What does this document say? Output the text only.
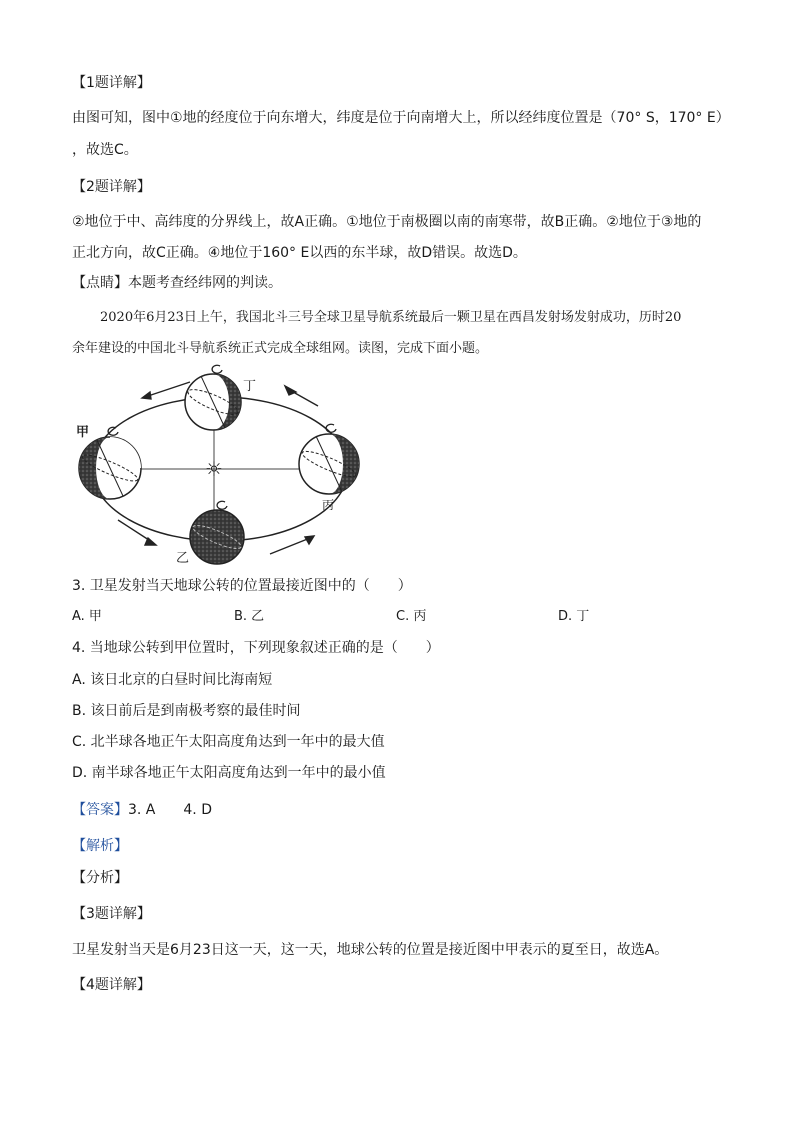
【1题详解】
由图可知，图中①地的经度位于向东增大，纬度是位于向南增大上，所以经纬度位置是（70° S，170° E）
，故选C。
【2题详解】
②地位于中、高纬度的分界线上，故A正确。①地位于南极圈以南的南寒带，故B正确。②地位于③地的
正北方向，故C正确。④地位于160° E以西的东半球，故D错误。故选D。
【点睛】本题考查经纬网的判读。
2020年6月23日上午，我国北斗三号全球卫星导航系统最后一颗卫星在西昌发射场发射成功，历时20
余年建设的中国北斗导航系统正式完成全球组网。读图，完成下面小题。
☼
丁
甲
丙
乙
3. 卫星发射当天地球公转的位置最接近图中的（　　）
A. 甲	B. 乙	C. 丙	D. 丁
4. 当地球公转到甲位置时，下列现象叙述正确的是（　　）
A. 该日北京的白昼时间比海南短
B. 该日前后是到南极考察的最佳时间
C. 北半球各地正午太阳高度角达到一年中的最大值
D. 南半球各地正午太阳高度角达到一年中的最小值
【答案】3. A　　4. D
【解析】
【分析】
【3题详解】
卫星发射当天是6月23日这一天，这一天，地球公转的位置是接近图中甲表示的夏至日，故选A。
【4题详解】
